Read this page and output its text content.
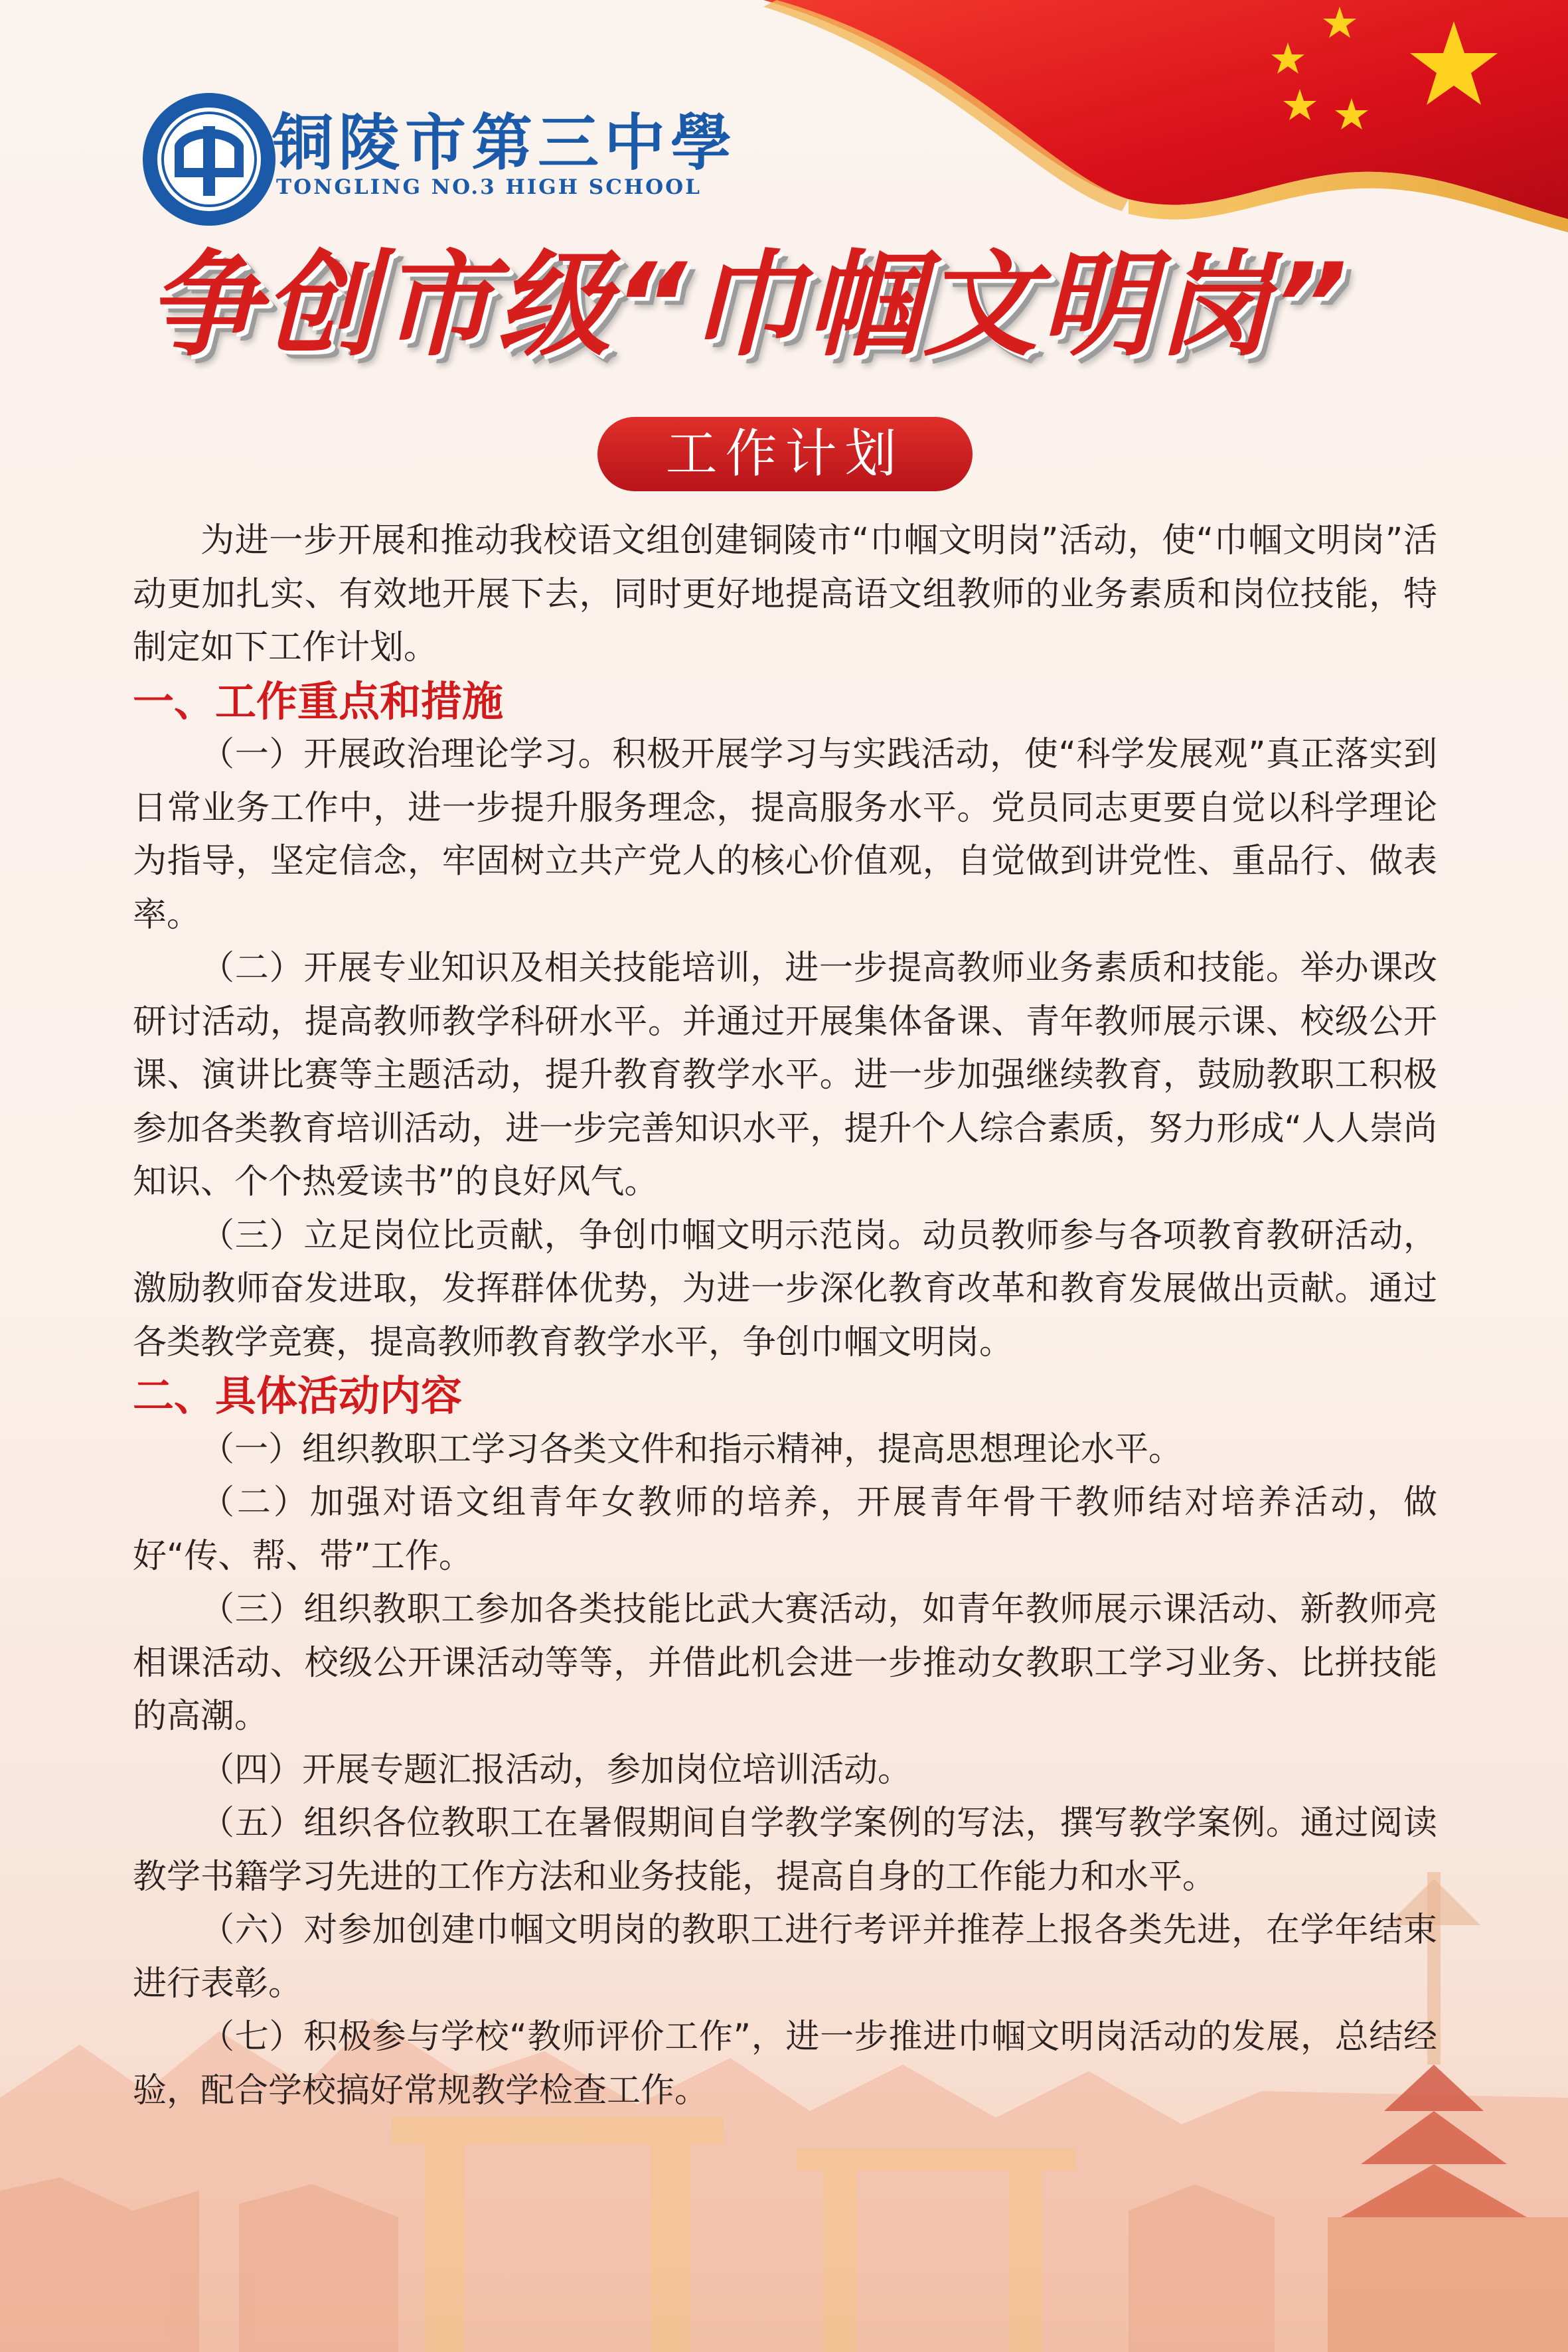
铜陵市第三中學
TONGLING NO.3 HIGH SCHOOL
争创市级“巾帼文明岗”
工作计划

为进一步开展和推动我校语文组创建铜陵市“巾帼文明岗”活动，使“巾帼文明岗”活动更加扎实、有效地开展下去，同时更好地提高语文组教师的业务素质和岗位技能，特制定如下工作计划。

一、工作重点和措施

（一）开展政治理论学习。积极开展学习与实践活动，使“科学发展观”真正落实到日常业务工作中，进一步提升服务理念，提高服务水平。党员同志更要自觉以科学理论为指导，坚定信念，牢固树立共产党人的核心价值观，自觉做到讲党性、重品行、做表率。

（二）开展专业知识及相关技能培训，进一步提高教师业务素质和技能。举办课改研讨活动，提高教师教学科研水平。并通过开展集体备课、青年教师展示课、校级公开课、演讲比赛等主题活动，提升教育教学水平。进一步加强继续教育，鼓励教职工积极参加各类教育培训活动，进一步完善知识水平，提升个人综合素质，努力形成“人人崇尚知识、个个热爱读书”的良好风气。

（三）立足岗位比贡献，争创巾帼文明示范岗。动员教师参与各项教育教研活动，激励教师奋发进取，发挥群体优势，为进一步深化教育改革和教育发展做出贡献。通过各类教学竞赛，提高教师教育教学水平，争创巾帼文明岗。

二、具体活动内容

（一）组织教职工学习各类文件和指示精神，提高思想理论水平。

（二）加强对语文组青年女教师的培养，开展青年骨干教师结对培养活动，做好“传、帮、带”工作。

（三）组织教职工参加各类技能比武大赛活动，如青年教师展示课活动、新教师亮相课活动、校级公开课活动等等，并借此机会进一步推动女教职工学习业务、比拼技能的高潮。

（四）开展专题汇报活动，参加岗位培训活动。

（五）组织各位教职工在暑假期间自学教学案例的写法，撰写教学案例。通过阅读教学书籍学习先进的工作方法和业务技能，提高自身的工作能力和水平。

（六）对参加创建巾帼文明岗的教职工进行考评并推荐上报各类先进，在学年结束进行表彰。

（七）积极参与学校“教师评价工作”，进一步推进巾帼文明岗活动的发展，总结经验，配合学校搞好常规教学检查工作。
